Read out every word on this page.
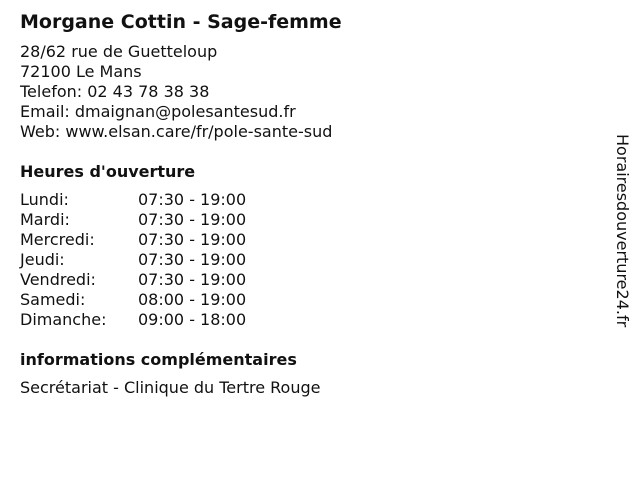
Morgane Cottin - Sage-femme
28/62 rue de Guetteloup
72100 Le Mans
Telefon: 02 43 78 38 38
Email: dmaignan@polesantesud.fr
Web: www.elsan.care/fr/pole-sante-sud
Heures d'ouverture
Lundi:	07:30 - 19:00
Mardi:	07:30 - 19:00
Mercredi:	07:30 - 19:00
Jeudi:	07:30 - 19:00
Vendredi:	07:30 - 19:00
Samedi:	08:00 - 19:00
Dimanche:	09:00 - 18:00
informations complémentaires
Secrétariat - Clinique du Tertre Rouge
Horairesdouverture24.fr
